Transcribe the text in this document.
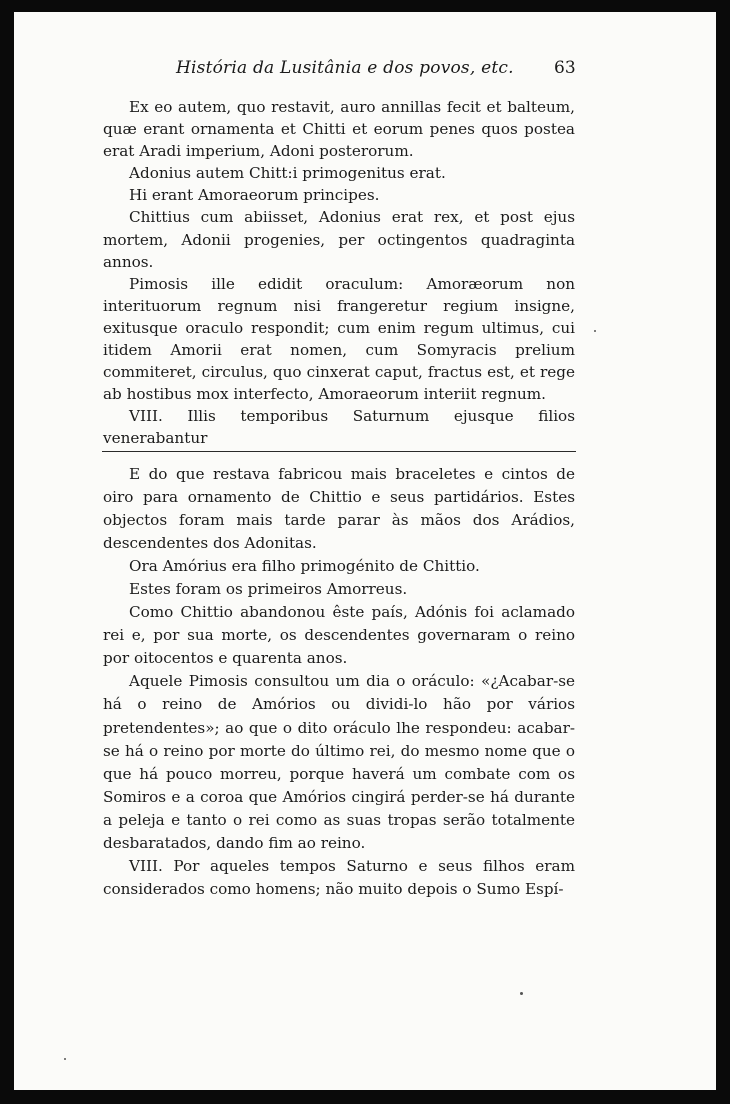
História da Lusitânia e dos povos, etc. 63

Ex eo autem, quo restavit, auro annillas fecit et balteum, quæ erant ornamenta et Chitti et eorum penes quos postea erat Aradi imperium, Adoni posterorum.

Adonius autem Chitt:i primogenitus erat.

Hi erant Amoraeorum principes.

Chittius cum abiisset, Adonius erat rex, et post ejus mortem, Adonii progenies, per octingentos quadraginta annos.

Pimosis ille edidit oraculum: Amoræorum non interituorum regnum nisi frangeretur regium insigne, exitusque oraculo respondit; cum enim regum ultimus, cui itidem Amorii erat nomen, cum Somyracis prelium commiteret, circulus, quo cinxerat caput, fractus est, et rege ab hostibus mox interfecto, Amoraeorum interiit regnum.

VIII. Illis temporibus Saturnum ejusque filios venerabantur

E do que restava fabricou mais braceletes e cintos de oiro para ornamento de Chittio e seus partidários. Estes objectos foram mais tarde parar às mãos dos Arádios, descendentes dos Adonitas.

Ora Amórius era filho primogénito de Chittio.

Estes foram os primeiros Amorreus.

Como Chittio abandonou êste país, Adónis foi aclamado rei e, por sua morte, os descendentes governaram o reino por oitocentos e quarenta anos.

Aquele Pimosis consultou um dia o oráculo: «¿Acabar-se há o reino de Amórios ou dividi-lo hão por vários pretendentes»; ao que o dito oráculo lhe respondeu: acabar-se há o reino por morte do último rei, do mesmo nome que o que há pouco morreu, porque haverá um combate com os Somiros e a coroa que Amórios cingirá perder-se há durante a peleja e tanto o rei como as suas tropas serão totalmente desbaratados, dando fim ao reino.

VIII. Por aqueles tempos Saturno e seus filhos eram considerados como homens; não muito depois o Sumo Espí-
